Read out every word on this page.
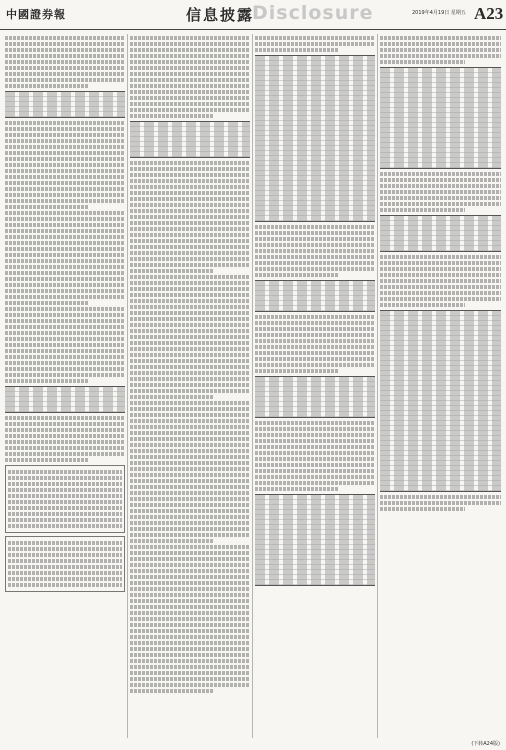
中國證券報	信息披露
Disclosure	2019年4月19日 星期五 A23
(下转A24版)
